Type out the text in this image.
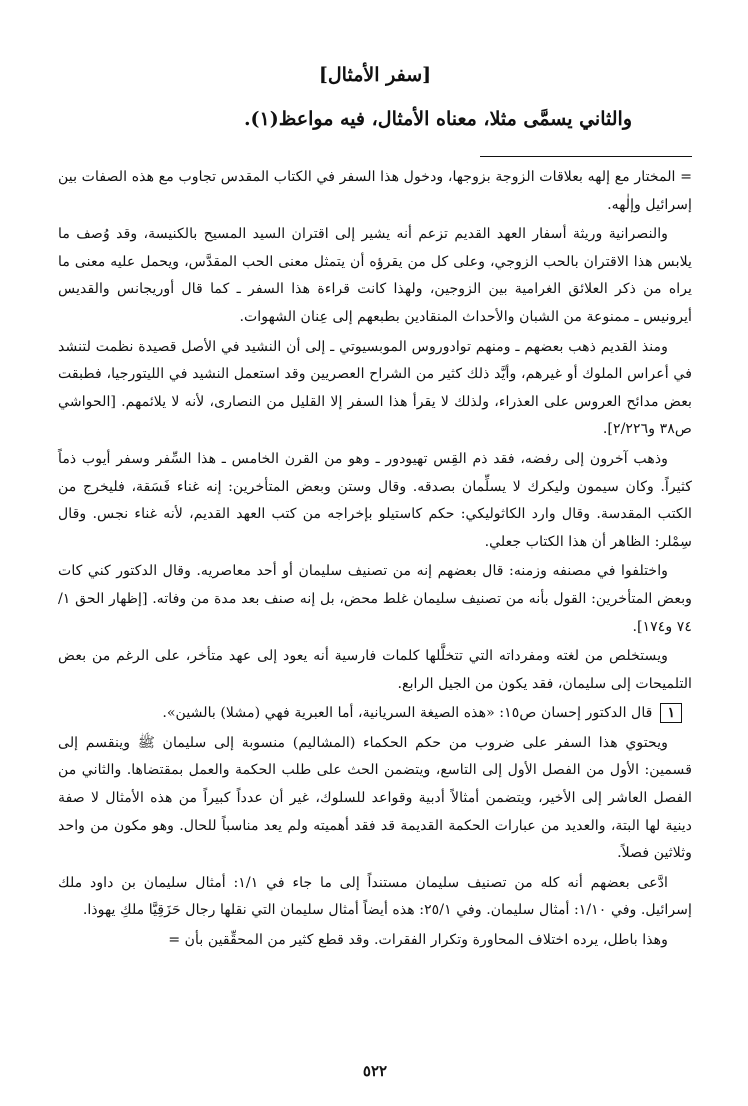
[سفر الأمثال]
والثاني يسمَّى مثلا، معناه الأمثال، فيه مواعظ(١).

= المختار مع إلهه بعلاقات الزوجة بزوجها، ودخول هذا السفر في الكتاب المقدس تجاوب مع هذه الصفات بين إسرائيل وإلٰهه.

والنصرانية وريثة أسفار العهد القديم تزعم أنه يشير إلى اقتران السيد المسيح بالكنيسة، وقد وُصف ما يلابس هذا الاقتران بالحب الزوجي، وعلى كل من يقرؤه أن يتمثل معنى الحب المقدَّس، ويحمل عليه معنى ما يراه من ذكر العلائق الغرامية بين الزوجين، ولهذا كانت قراءة هذا السفر ـ كما قال أوريجانس والقديس أيرونيس ـ ممنوعة من الشبان والأحداث المنقادين بطبعهم إلى عِنان الشهوات.

ومنذ القديم ذهب بعضهم ـ ومنهم توادوروس الموبسيوتي ـ إلى أن النشيد في الأصل قصيدة نظمت لتنشد في أعراس الملوك أو غيرهم، وأيَّد ذلك كثير من الشراح العصريين وقد استعمل النشيد في الليتورجيا، فطبقت بعض مدائح العروس على العذراء، ولذلك لا يقرأ هذا السفر إلا القليل من النصارى، لأنه لا يلائمهم. [الحواشي ص٣٨ و٢/٢٢٦].

وذهب آخرون إلى رفضه، فقد ذم القِس تهيودور ـ وهو من القرن الخامس ـ هذا السِّفر وسفر أيوب ذماً كثيراً. وكان سيمون وليكرك لا يسلِّمان بصدقه. وقال وستن وبعض المتأخرين: إنه غناء فَسَقة، فليخرج من الكتب المقدسة. وقال وارد الكاثوليكي: حكم كاستيلو بإخراجه من كتب العهد القديم، لأنه غناء نجس. وقال سِمْلر: الظاهر أن هذا الكتاب جعلي.

واختلفوا في مصنفه وزمنه: قال بعضهم إنه من تصنيف سليمان أو أحد معاصريه. وقال الدكتور كني كات وبعض المتأخرين: القول بأنه من تصنيف سليمان غلط محض، بل إنه صنف بعد مدة من وفاته. [إظهار الحق ١/ ٧٤ و١٧٤].

ويستخلص من لغته ومفرداته التي تتخلَّلها كلمات فارسية أنه يعود إلى عهد متأخر، على الرغم من بعض التلميحات إلى سليمان، فقد يكون من الجيل الرابع.

١قال الدكتور إحسان ص١٥: «هذه الصيغة السريانية، أما العبرية فهي (مشلا) بالشين».

ويحتوي هذا السفر على ضروب من حكم الحكماء (المشاليم) منسوبة إلى سليمان ﷺ وينقسم إلى قسمين: الأول من الفصل الأول إلى التاسع، ويتضمن الحث على طلب الحكمة والعمل بمقتضاها. والثاني من الفصل العاشر إلى الأخير، ويتضمن أمثالاً أدبية وقواعد للسلوك، غير أن عدداً كبيراً من هذه الأمثال لا صفة دينية لها البتة، والعديد من عبارات الحكمة القديمة قد فقد أهميته ولم يعد مناسباً للحال. وهو مكون من واحد وثلاثين فصلاً.

ادَّعى بعضهم أنه كله من تصنيف سليمان مستنداً إلى ما جاء في ١/١: أمثال سليمان بن داود ملك إسرائيل. وفي ١/١٠: أمثال سليمان. وفي ٢٥/١: هذه أيضاً أمثال سليمان التي نقلها رجال حَزَقِيَّا ملكِ يهوذا.

وهذا باطل، يرده اختلاف المحاورة وتكرار الفقرات. وقد قطع كثير من المحقِّقين بأن =

٥٢٢
